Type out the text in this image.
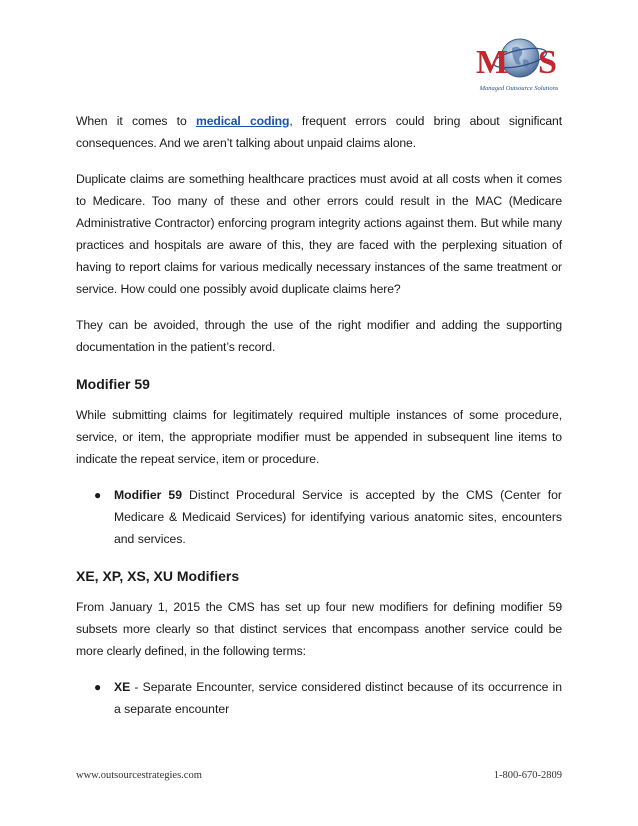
M S
Managed Outsource Solutions

When it comes to medical coding, frequent errors could bring about significant consequences. And we aren’t talking about unpaid claims alone.

Duplicate claims are something healthcare practices must avoid at all costs when it comes to Medicare. Too many of these and other errors could result in the MAC (Medicare Administrative Contractor) enforcing program integrity actions against them. But while many practices and hospitals are aware of this, they are faced with the perplexing situation of having to report claims for various medically necessary instances of the same treatment or service. How could one possibly avoid duplicate claims here?

They can be avoided, through the use of the right modifier and adding the supporting documentation in the patient’s record.

Modifier 59

While submitting claims for legitimately required multiple instances of some procedure, service, or item, the appropriate modifier must be appended in subsequent line items to indicate the repeat service, item or procedure.

● Modifier 59 Distinct Procedural Service is accepted by the CMS (Center for Medicare & Medicaid Services) for identifying various anatomic sites, encounters and services.
XE, XP, XS, XU Modifiers

From January 1, 2015 the CMS has set up four new modifiers for defining modifier 59 subsets more clearly so that distinct services that encompass another service could be more clearly defined, in the following terms:

● XE - Separate Encounter, service considered distinct because of its occurrence in a separate encounter
www.outsourcestrategies.com	1-800-670-2809
